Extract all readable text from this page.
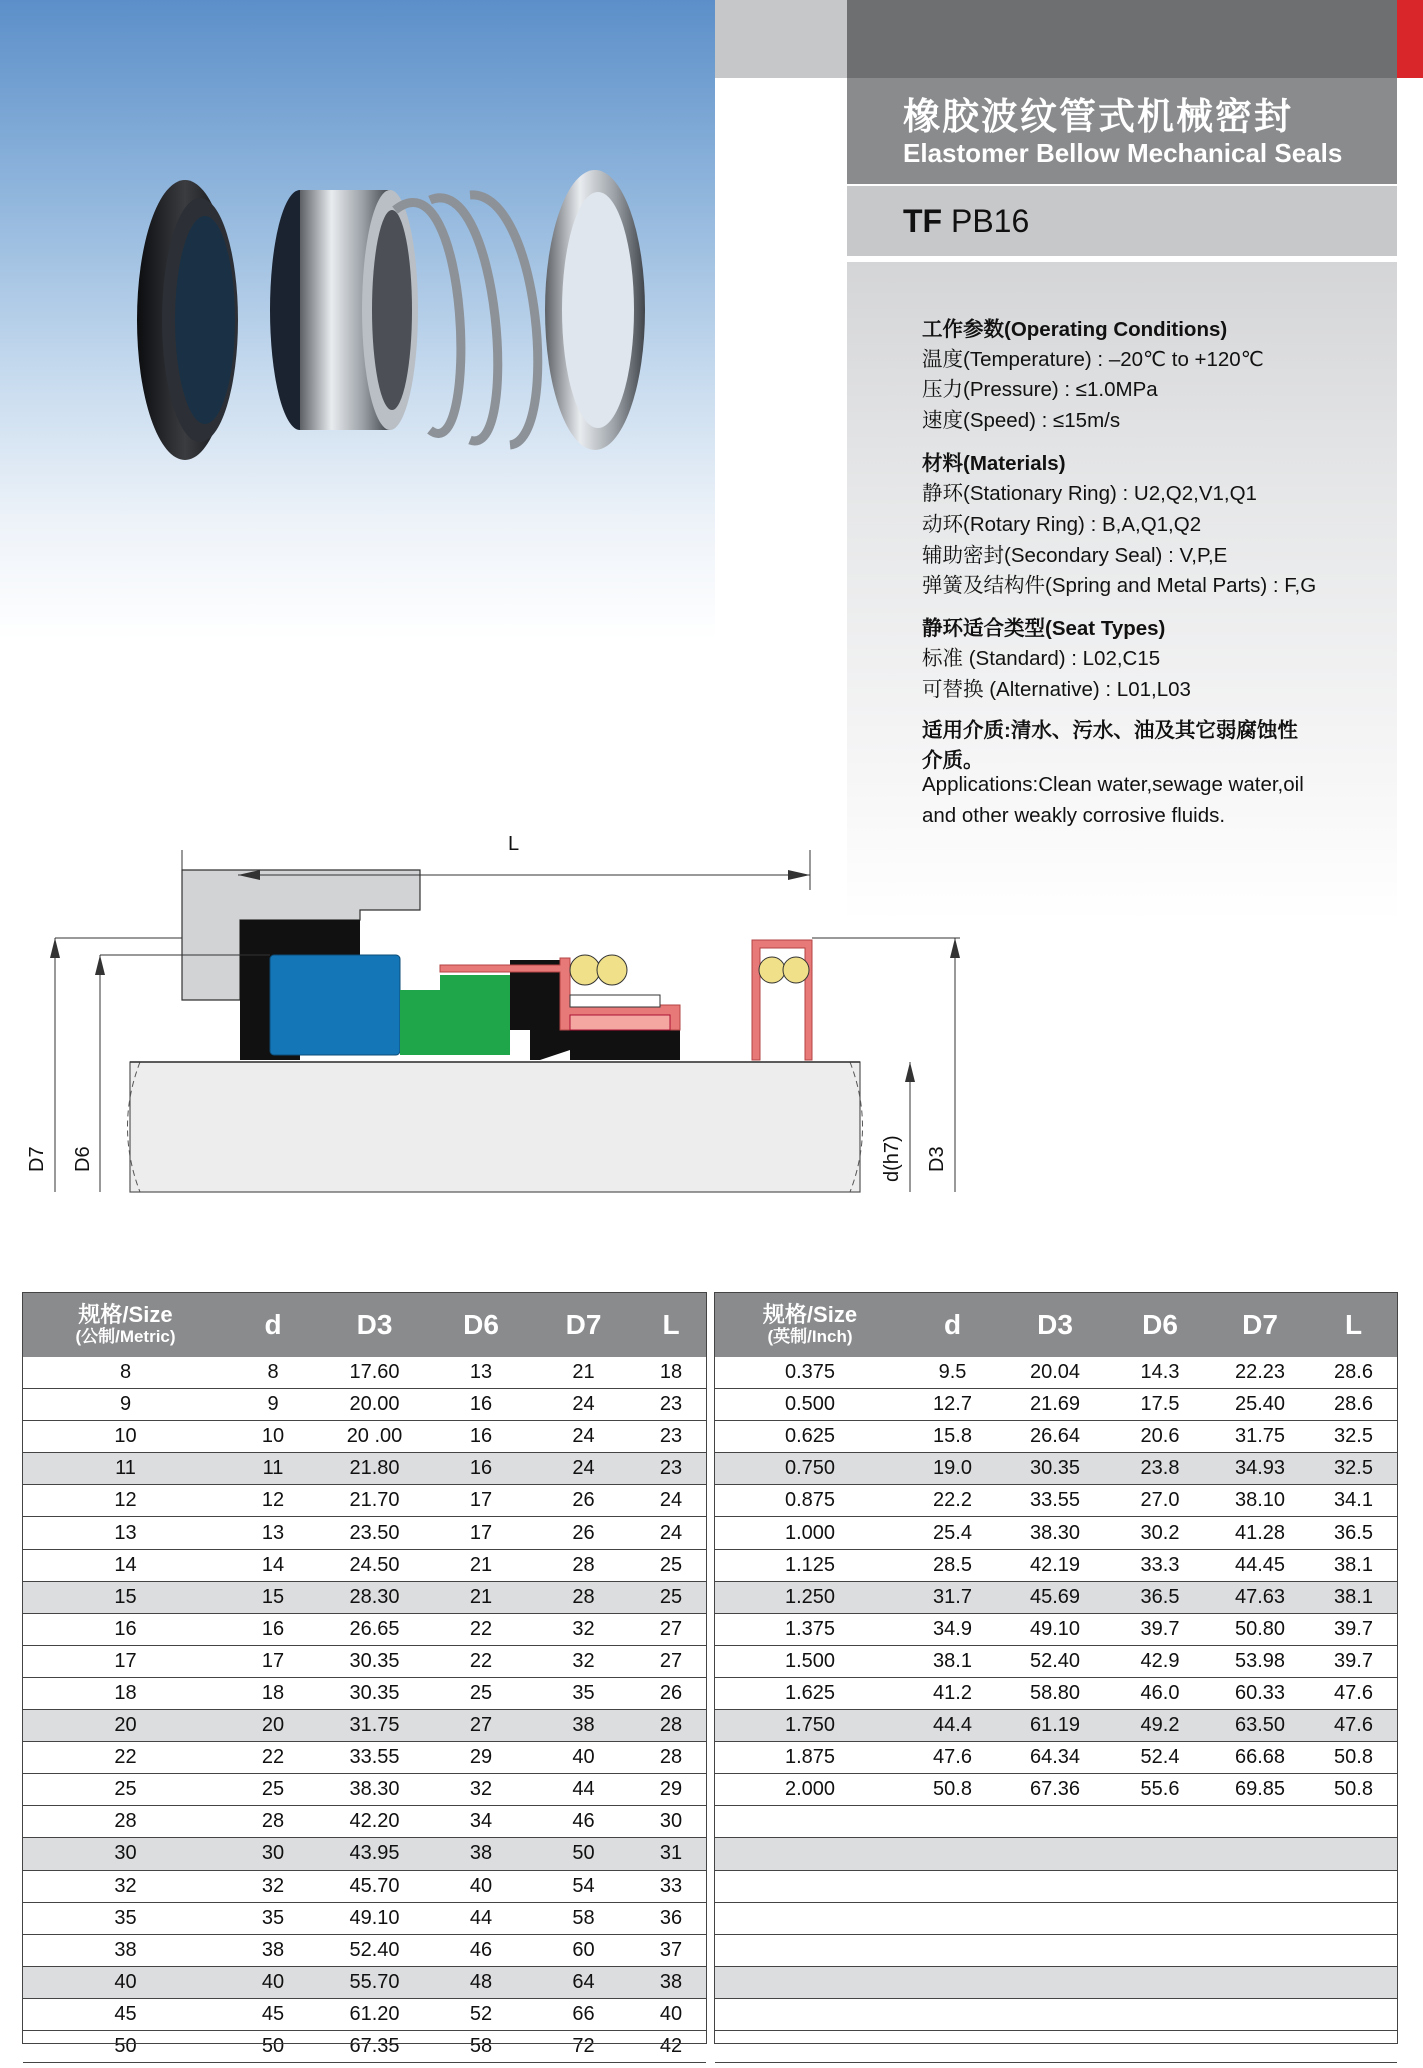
橡胶波纹管式机械密封
Elastomer Bellow Mechanical Seals
TF PB16
工作参数(Operating Conditions)
温度(Temperature) : –20℃ to +120℃
压力(Pressure) : ≤1.0MPa
速度(Speed) : ≤15m/s
材料(Materials)
静环(Stationary Ring) : U2,Q2,V1,Q1
动环(Rotary Ring) : B,A,Q1,Q2
辅助密封(Secondary Seal) : V,P,E
弹簧及结构件(Spring and Metal Parts) : F,G
静环适合类型(Seat Types)
标准 (Standard) : L02,C15
可替换 (Alternative) : L01,L03
适用介质:清水、污水、油及其它弱腐蚀性
介质。
Applications:Clean water,sewage water,oil
and other weakly corrosive fluids.
L
D7 D6	d(h7) D3
规格/Size
(公制/Metric)	d	D3	D6	D7	L
8	8	17.60	13	21	18
9	9	20.00	16	24	23
10	10	20 .00	16	24	23
11	11	21.80	16	24	23
12	12	21.70	17	26	24
13	13	23.50	17	26	24
14	14	24.50	21	28	25
15	15	28.30	21	28	25
16	16	26.65	22	32	27
17	17	30.35	22	32	27
18	18	30.35	25	35	26
20	20	31.75	27	38	28
22	22	33.55	29	40	28
25	25	38.30	32	44	29
28	28	42.20	34	46	30
30	30	43.95	38	50	31
32	32	45.70	40	54	33
35	35	49.10	44	58	36
38	38	52.40	46	60	37
40	40	55.70	48	64	38
45	45	61.20	52	66	40
50	50	67.35	58	72	42
规格/Size
(英制/Inch)	d	D3	D6	D7	L
0.375	9.5	20.04	14.3	22.23	28.6
0.500	12.7	21.69	17.5	25.40	28.6
0.625	15.8	26.64	20.6	31.75	32.5
0.750	19.0	30.35	23.8	34.93	32.5
0.875	22.2	33.55	27.0	38.10	34.1
1.000	25.4	38.30	30.2	41.28	36.5
1.125	28.5	42.19	33.3	44.45	38.1
1.250	31.7	45.69	36.5	47.63	38.1
1.375	34.9	49.10	39.7	50.80	39.7
1.500	38.1	52.40	42.9	53.98	39.7
1.625	41.2	58.80	46.0	60.33	47.6
1.750	44.4	61.19	49.2	63.50	47.6
1.875	47.6	64.34	52.4	66.68	50.8
2.000	50.8	67.36	55.6	69.85	50.8
